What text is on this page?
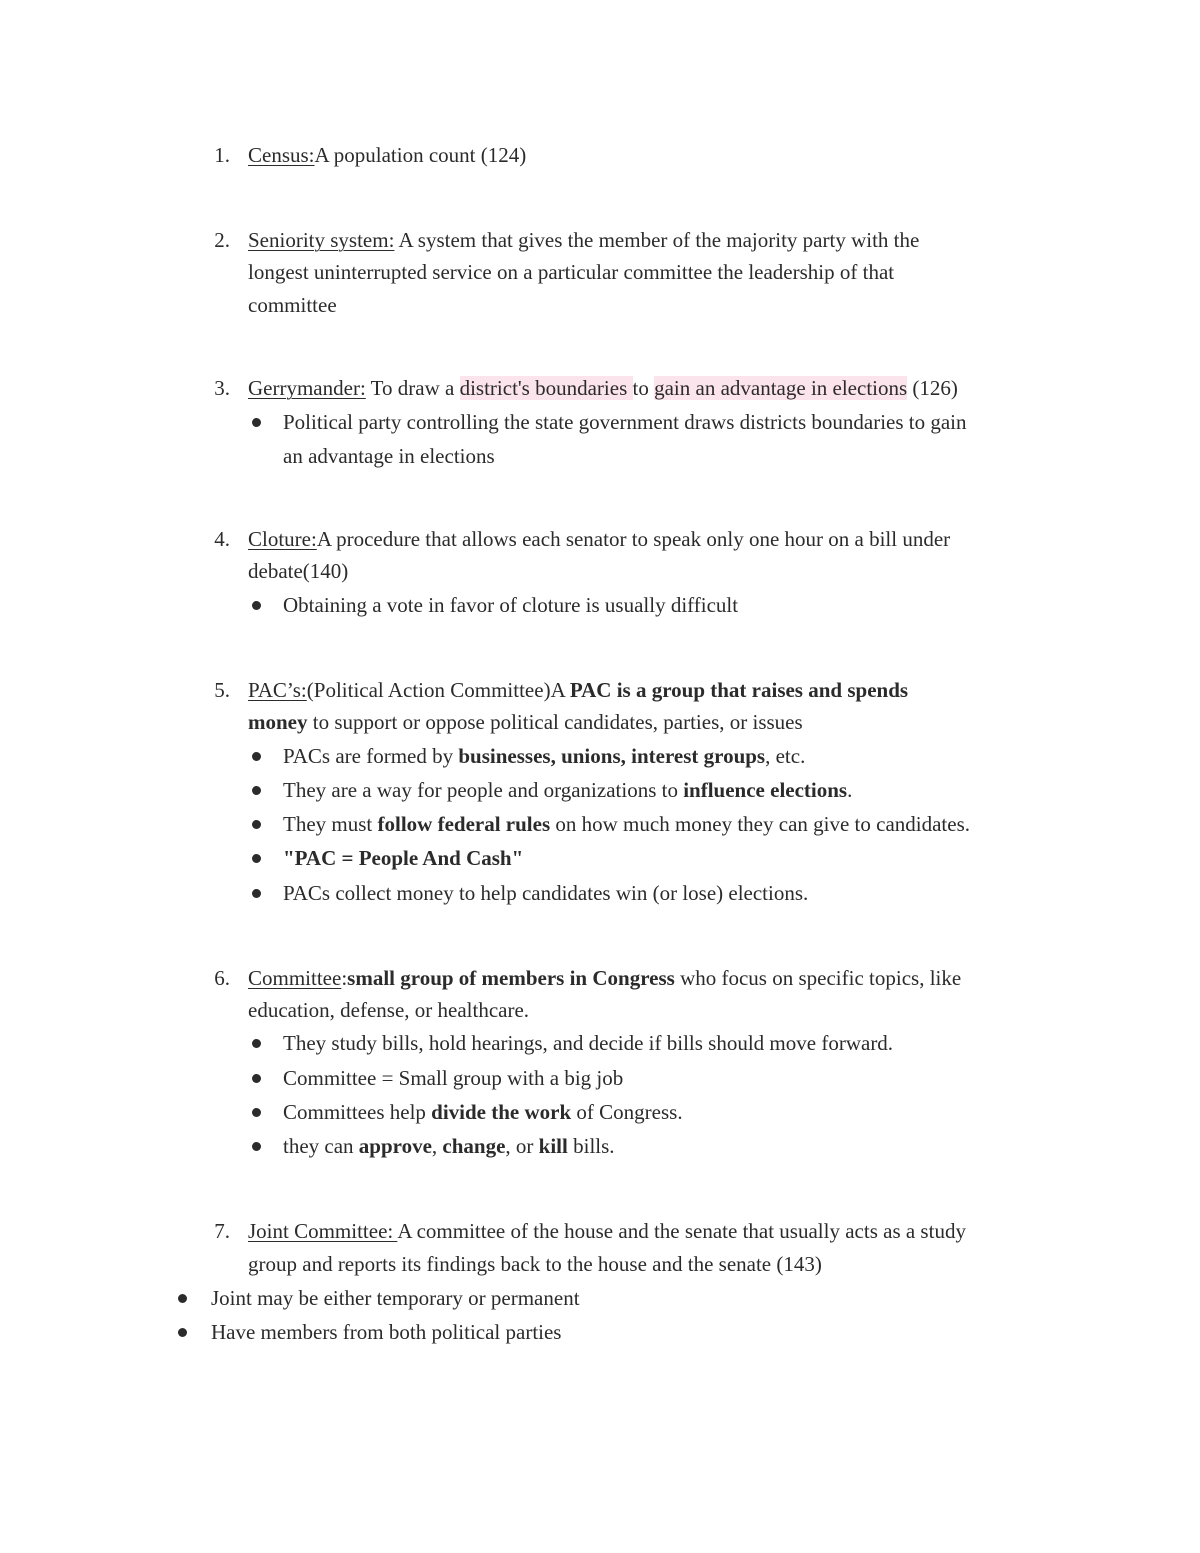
1. Census:A population count (124)
2. Seniority system: A system that gives the member of the majority party with the
longest uninterrupted service on a particular committee the leadership of that
committee
3. Gerrymander: To draw a district's boundaries to gain an advantage in elections (126)
Political party controlling the state government draws districts boundaries to gain
an advantage in elections
4. Cloture:A procedure that allows each senator to speak only one hour on a bill under
debate(140)
Obtaining a vote in favor of cloture is usually difficult
5. PAC’s:(Political Action Committee)A PAC is a group that raises and spends
money to support or oppose political candidates, parties, or issues
PACs are formed by businesses, unions, interest groups, etc.
They are a way for people and organizations to influence elections.
They must follow federal rules on how much money they can give to candidates.
"PAC = People And Cash"
PACs collect money to help candidates win (or lose) elections.
6. Committee:small group of members in Congress who focus on specific topics, like
education, defense, or healthcare.
They study bills, hold hearings, and decide if bills should move forward.
Committee = Small group with a big job
Committees help divide the work of Congress.
they can approve, change, or kill bills.
7. Joint Committee: A committee of the house and the senate that usually acts as a study
group and reports its findings back to the house and the senate (143)
Joint may be either temporary or permanent
Have members from both political parties
